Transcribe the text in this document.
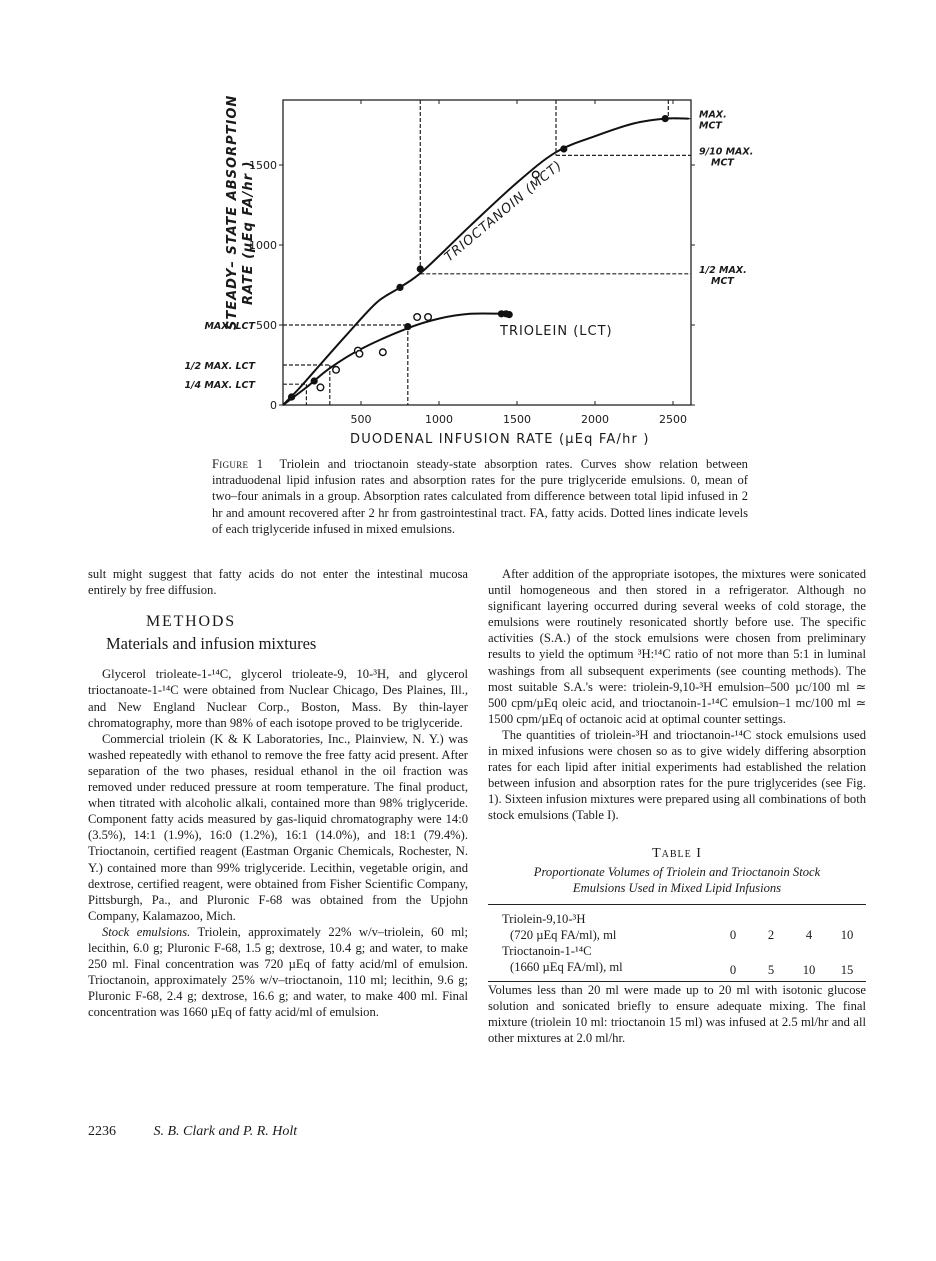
500	1000	1500	2000	2500
0
500
1000
1500
MAX. LCT
1/2 MAX. LCT
1/4 MAX. LCT
MAX.
MCT
9/10 MAX.
MCT
1/2 MAX.
MCT
STEADY– STATE ABSORPTION RATE (µEq FA/hr )
DUODENAL INFUSION RATE (µEq FA/hr )
TRIOCTANOIN (MCT)
TRIOLEIN (LCT)
Figure 1 Triolein and trioctanoin steady-state absorption rates. Curves show relation between intraduodenal lipid infusion rates and absorption rates for the pure triglyceride emulsions. 0, mean of two–four animals in a group. Absorption rates calculated from difference between total lipid infused in 2 hr and amount recovered after 2 hr from gastrointestinal tract. FA, fatty acids. Dotted lines indicate levels of each triglyceride infused in mixed emulsions.

sult might suggest that fatty acids do not enter the intestinal mucosa entirely by free diffusion.

METHODS
Materials and infusion mixtures

Glycerol trioleate-1-¹⁴C, glycerol trioleate-9, 10-³H, and glycerol trioctanoate-1-¹⁴C were obtained from Nuclear Chicago, Des Plaines, Ill., and New England Nuclear Corp., Boston, Mass. By thin-layer chromatography, more than 98% of each isotope proved to be triglyceride.

Commercial triolein (K & K Laboratories, Inc., Plainview, N. Y.) was washed repeatedly with ethanol to remove the free fatty acid present. After separation of the two phases, residual ethanol in the oil fraction was removed under reduced pressure at room temperature. The final product, when titrated with alcoholic alkali, contained more than 98% triglyceride. Component fatty acids measured by gas-liquid chromatography were 14:0 (3.5%), 14:1 (1.9%), 16:0 (1.2%), 16:1 (14.0%), and 18:1 (79.4%). Trioctanoin, certified reagent (Eastman Organic Chemicals, Rochester, N. Y.) contained more than 99% triglyceride. Lecithin, vegetable origin, and dextrose, certified reagent, were obtained from Fisher Scientific Company, Pittsburgh, Pa., and Pluronic F-68 was obtained from the Upjohn Company, Kalamazoo, Mich.

Stock emulsions. Triolein, approximately 22% w/v–triolein, 60 ml; lecithin, 6.0 g; Pluronic F-68, 1.5 g; dextrose, 10.4 g; and water, to make 250 ml. Final concentration was 720 µEq of fatty acid/ml of emulsion. Trioctanoin, approximately 25% w/v–trioctanoin, 110 ml; lecithin, 9.6 g; Pluronic F-68, 2.4 g; dextrose, 16.6 g; and water, to make 400 ml. Final concentration was 1660 µEq of fatty acid/ml of emulsion.

After addition of the appropriate isotopes, the mixtures were sonicated until homogeneous and then stored in a refrigerator. Although no significant layering occurred during several weeks of cold storage, the emulsions were routinely resonicated shortly before use. The specific activities (S.A.) of the stock emulsions were chosen from preliminary results to yield the optimum ³H:¹⁴C ratio of not more than 5:1 in luminal washings from all subsequent experiments (see counting methods). The most suitable S.A.'s were: triolein-9,10-³H emulsion–500 µc/100 ml ≃ 500 cpm/µEq oleic acid, and trioctanoin-1-¹⁴C emulsion–1 mc/100 ml ≃ 1500 cpm/µEq of octanoic acid at optimal counter settings.

The quantities of triolein-³H and trioctanoin-¹⁴C stock emulsions used in mixed infusions were chosen so as to give widely differing absorption rates for each lipid after initial experiments had established the relation between infusion and absorption rates for the pure triglycerides (see Fig. 1). Sixteen infusion mixtures were prepared using all combinations of both stock emulsions (Table I).

Table I
Proportionate Volumes of Triolein and Trioctanoin Stock
Emulsions Used in Mixed Lipid Infusions
Triolein-9,10-³H				
(720 µEq FA/ml), ml	0	2	4	10
Trioctanoin-1-¹⁴C				
(1660 µEq FA/ml), ml	0	5	10	15

Volumes less than 20 ml were made up to 20 ml with isotonic glucose solution and sonicated briefly to ensure adequate mixing. The final mixture (triolein 10 ml: trioctanoin 15 ml) was infused at 2.5 ml/hr and all other mixtures at 2.0 ml/hr.

2236	S. B. Clark and P. R. Holt
